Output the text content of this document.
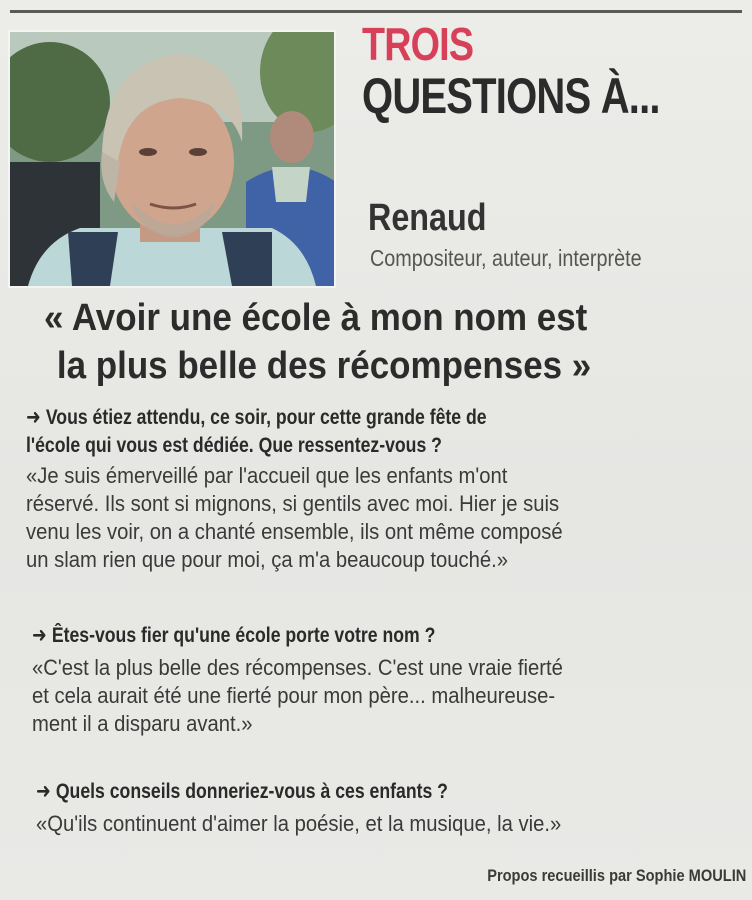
TROIS
QUESTIONS À...
Renaud
Compositeur, auteur, interprète
« Avoir une école à mon nom est
la plus belle des récompenses »
➜ Vous étiez attendu, ce soir, pour cette grande fête de
l'école qui vous est dédiée. Que ressentez-vous ?
«Je suis émerveillé par l'accueil que les enfants m'ont
réservé. Ils sont si mignons, si gentils avec moi. Hier je suis
venu les voir, on a chanté ensemble, ils ont même composé
un slam rien que pour moi, ça m'a beaucoup touché.»
➜ Êtes-vous fier qu'une école porte votre nom ?
«C'est la plus belle des récompenses. C'est une vraie fierté
et cela aurait été une fierté pour mon père... malheureuse-
ment il a disparu avant.»
➜ Quels conseils donneriez-vous à ces enfants ?
«Qu'ils continuent d'aimer la poésie, et la musique, la vie.»
Propos recueillis par Sophie MOULIN
